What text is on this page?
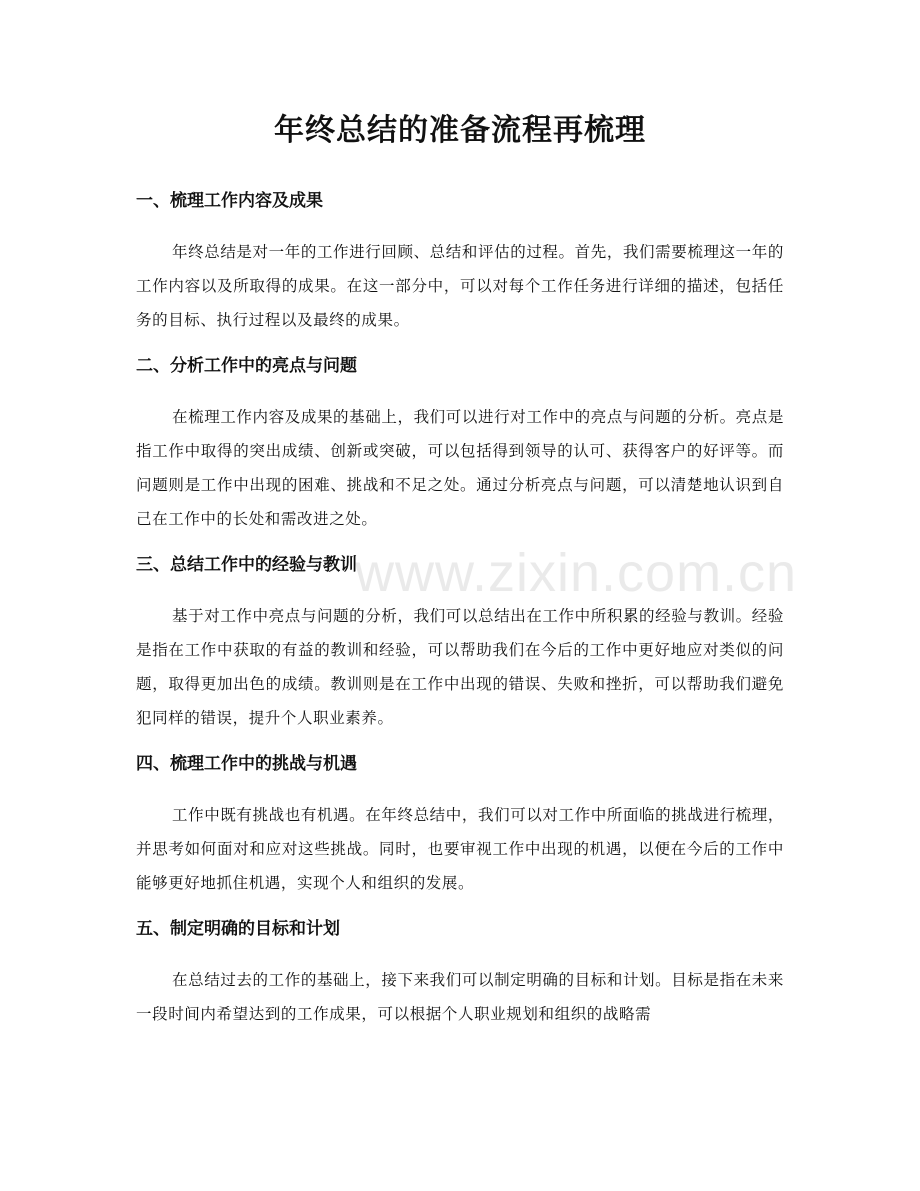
年终总结的准备流程再梳理
www.zixin.com.cn
一、梳理工作内容及成果

年终总结是对一年的工作进行回顾、总结和评估的过程。首先，我们需要梳理这一年的工作内容以及所取得的成果。在这一部分中，可以对每个工作任务进行详细的描述，包括任务的目标、执行过程以及最终的成果。

二、分析工作中的亮点与问题

在梳理工作内容及成果的基础上，我们可以进行对工作中的亮点与问题的分析。亮点是指工作中取得的突出成绩、创新或突破，可以包括得到领导的认可、获得客户的好评等。而问题则是工作中出现的困难、挑战和不足之处。通过分析亮点与问题，可以清楚地认识到自己在工作中的长处和需改进之处。

三、总结工作中的经验与教训

基于对工作中亮点与问题的分析，我们可以总结出在工作中所积累的经验与教训。经验是指在工作中获取的有益的教训和经验，可以帮助我们在今后的工作中更好地应对类似的问题，取得更加出色的成绩。教训则是在工作中出现的错误、失败和挫折，可以帮助我们避免犯同样的错误，提升个人职业素养。

四、梳理工作中的挑战与机遇

工作中既有挑战也有机遇。在年终总结中，我们可以对工作中所面临的挑战进行梳理，并思考如何面对和应对这些挑战。同时，也要审视工作中出现的机遇，以便在今后的工作中能够更好地抓住机遇，实现个人和组织的发展。

五、制定明确的目标和计划

在总结过去的工作的基础上，接下来我们可以制定明确的目标和计划。目标是指在未来一段时间内希望达到的工作成果，可以根据个人职业规划和组织的战略需
